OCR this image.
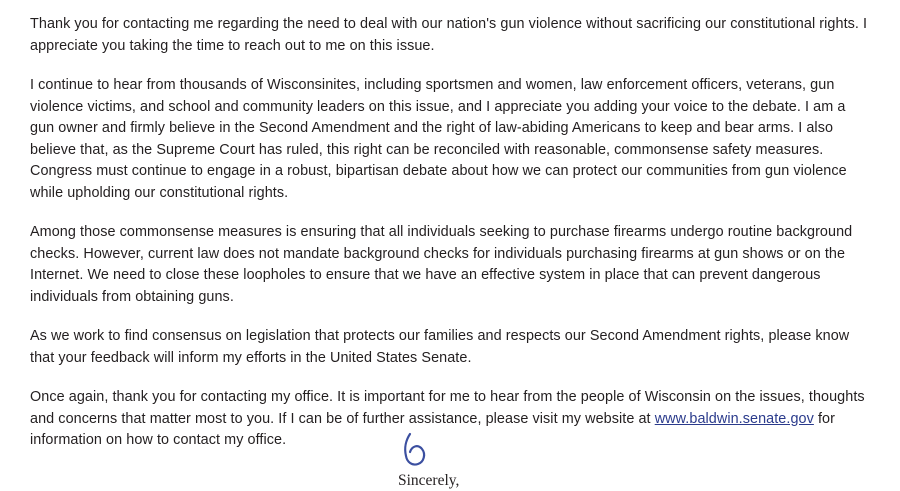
Thank you for contacting me regarding the need to deal with our nation's gun violence without sacrificing our constitutional rights. I appreciate you taking the time to reach out to me on this issue.

I continue to hear from thousands of Wisconsinites, including sportsmen and women, law enforcement officers, veterans, gun violence victims, and school and community leaders on this issue, and I appreciate you adding your voice to the debate. I am a gun owner and firmly believe in the Second Amendment and the right of law-abiding Americans to keep and bear arms. I also believe that, as the Supreme Court has ruled, this right can be reconciled with reasonable, commonsense safety measures. Congress must continue to engage in a robust, bipartisan debate about how we can protect our communities from gun violence while upholding our constitutional rights.

Among those commonsense measures is ensuring that all individuals seeking to purchase firearms undergo routine background checks. However, current law does not mandate background checks for individuals purchasing firearms at gun shows or on the Internet. We need to close these loopholes to ensure that we have an effective system in place that can prevent dangerous individuals from obtaining guns.

As we work to find consensus on legislation that protects our families and respects our Second Amendment rights, please know that your feedback will inform my efforts in the United States Senate.

Once again, thank you for contacting my office. It is important for me to hear from the people of Wisconsin on the issues, thoughts and concerns that matter most to you. If I can be of further assistance, please visit my website at www.baldwin.senate.gov for information on how to contact my office.

Sincerely,
